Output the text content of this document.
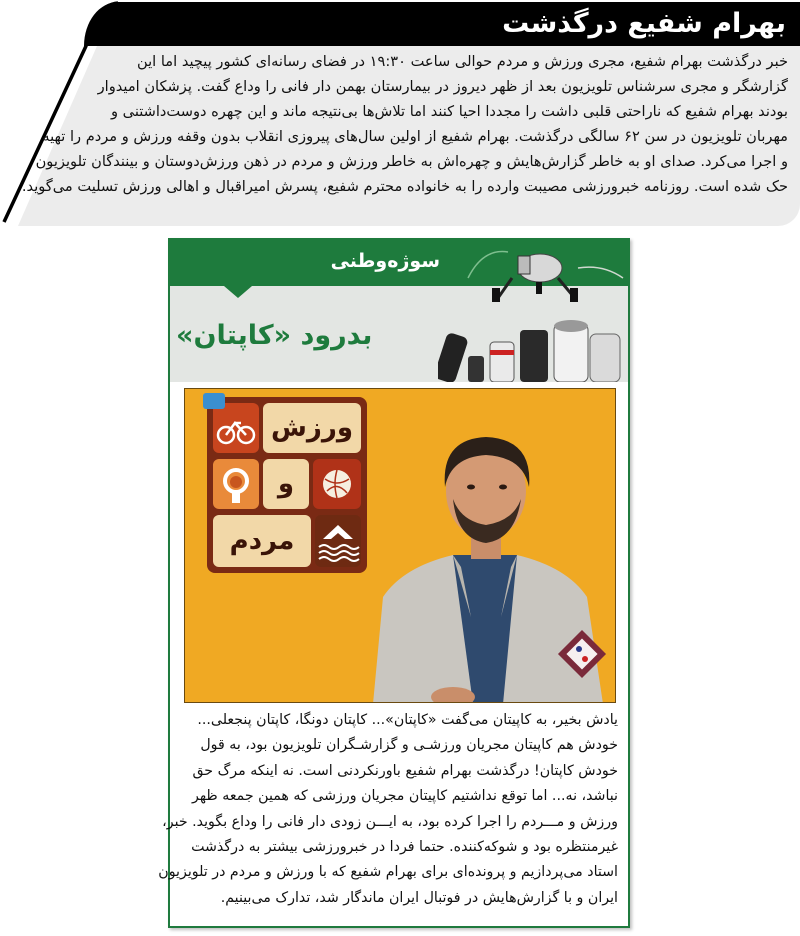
بهرام شفیع درگذشت

خبر درگذشت بهرام شفیع، مجری ورزش و مردم حوالی ساعت ۱۹:۳۰ در فضای رسانه‌ای کشور پیچید اما این

گزارشگر و مجری سرشناس تلویزیون بعد از ظهر دیروز در بیمارستان بهمن دار فانی را وداع گفت. پزشکان امیدوار

بودند بهرام شفیع که ناراحتی قلبی داشت را مجددا احیا کنند اما تلاش‌ها بی‌نتیجه ماند و این چهره دوست‌داشتنی و

مهربان تلویزیون در سن ۶۲ سالگی درگذشت. بهرام شفیع از اولین سال‌های پیروزی انقلاب بدون وقفه ورزش و مردم را تهیه

و اجرا می‌کرد. صدای او به خاطر گزارش‌هایش و چهره‌اش به خاطر ورزش و مردم در ذهن ورزش‌دوستان و بینندگان تلویزیون

حک شده است. روزنامه خبرورزشی مصیبت وارده را به خانواده محترم شفیع، پسرش امیراقبال و اهالی ورزش تسلیت می‌گوید.

سوژه‌وطنی
بدرود «کاپتان»
ورزش
و
مردم

یادش بخیر، به کاپیتان می‌گفت «کاپتان»... کاپتان دونگا، کاپتان پنجعلی...

خودش هم کاپیتان مجریان ورزشـی و گزارشـگران تلویزیون بود، به قول

خودش کاپتان! درگذشت بهرام شفیع باورنکردنی است. نه اینکه مرگ حق

نباشد، نه... اما توقع نداشتیم کاپیتان مجریان ورزشی که همین جمعه ظهر

ورزش و مـــردم را اجرا کرده بود، به ایـــن زودی دار فانی را وداع بگوید. خبر،

غیرمنتظره بود و شوکه‌کننده. حتما فردا در خبرورزشی بیشتر به درگذشت

استاد می‌پردازیم و پرونده‌ای برای بهرام شفیع که با ورزش و مردم در تلویزیون

ایران و با گزارش‌هایش در فوتبال ایران ماندگار شد، تدارک می‌بینیم.
